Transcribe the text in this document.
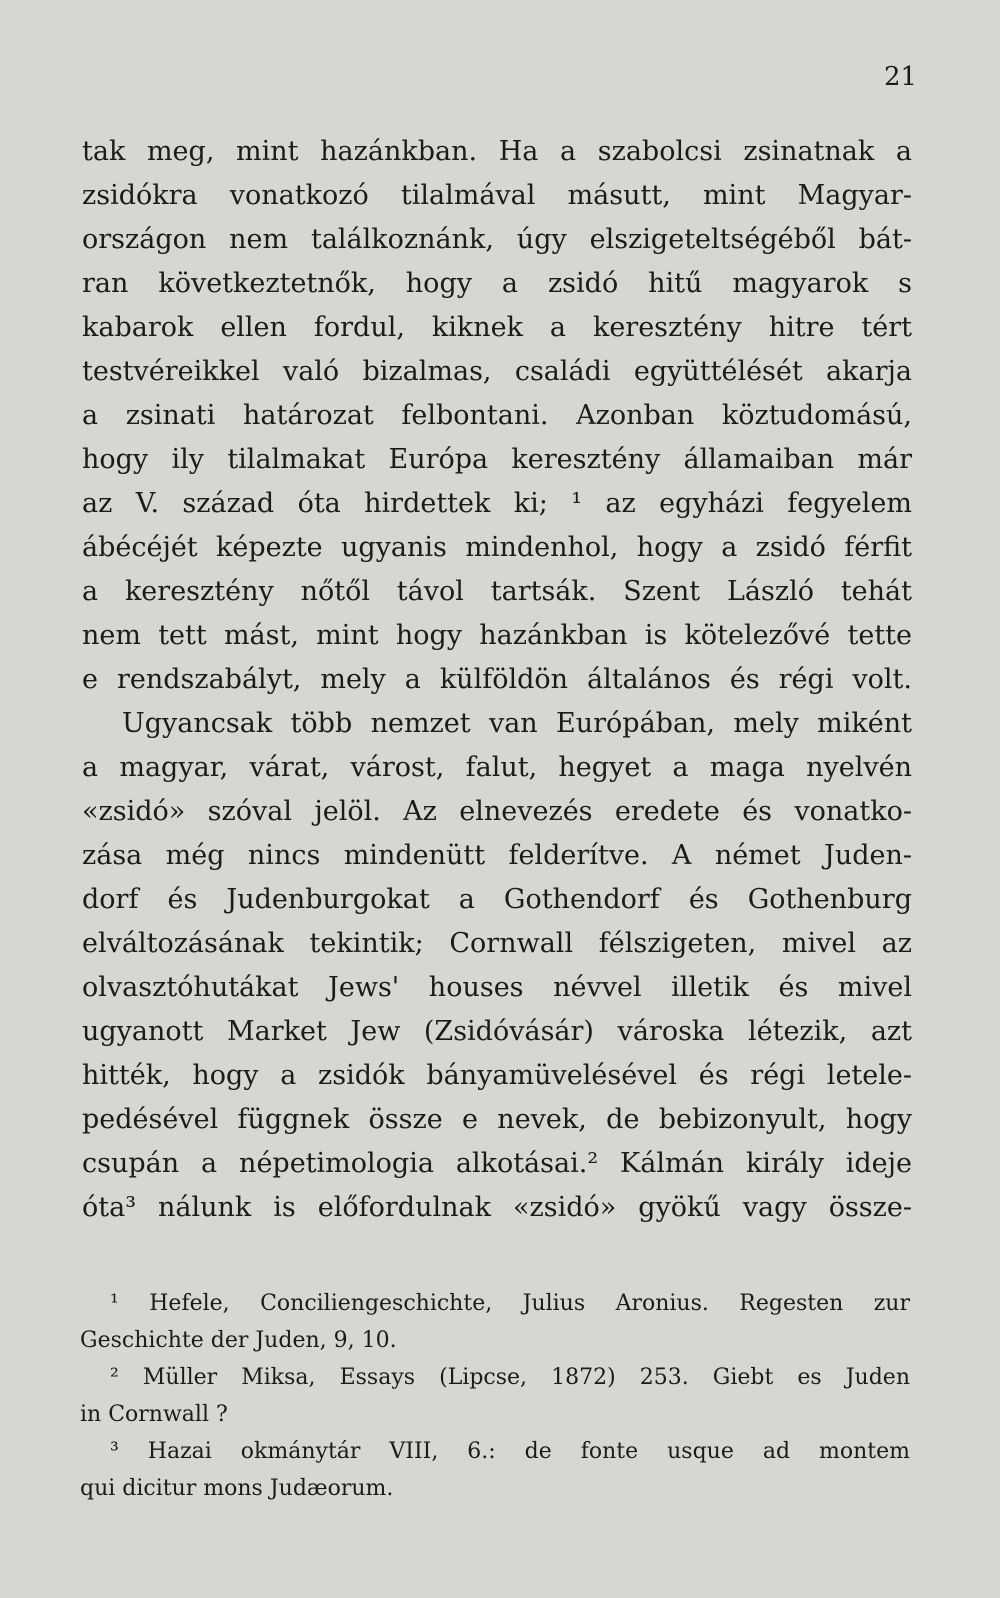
21
tak meg, mint hazánkban. Ha a szabolcsi zsinatnak a
zsidókra vonatkozó tilalmával másutt, mint Magyar-
országon nem találkoznánk, úgy elszigeteltségéből bát-
ran következtetnők, hogy a zsidó hitű magyarok s
kabarok ellen fordul, kiknek a keresztény hitre tért
testvéreikkel való bizalmas, családi együttélését akarja
a zsinati határozat felbontani. Azonban köztudomású,
hogy ily tilalmakat Európa keresztény államaiban már
az V. század óta hirdettek ki; ¹ az egyházi fegyelem
ábécéjét képezte ugyanis mindenhol, hogy a zsidó férfit
a keresztény nőtől távol tartsák. Szent László tehát
nem tett mást, mint hogy hazánkban is kötelezővé tette
e rendszabályt, mely a külföldön általános és régi volt.
Ugyancsak több nemzet van Európában, mely miként
a magyar, várat, várost, falut, hegyet a maga nyelvén
«zsidó» szóval jelöl. Az elnevezés eredete és vonatko-
zása még nincs mindenütt felderítve. A német Juden-
dorf és Judenburgokat a Gothendorf és Gothenburg
elváltozásának tekintik; Cornwall félszigeten, mivel az
olvasztóhutákat Jews' houses névvel illetik és mivel
ugyanott Market Jew (Zsidóvásár) városka létezik, azt
hitték, hogy a zsidók bányamüvelésével és régi letele-
pedésével függnek össze e nevek, de bebizonyult, hogy
csupán a népetimologia alkotásai.² Kálmán király ideje
óta³ nálunk is előfordulnak «zsidó» gyökű vagy össze-
¹ Hefele, Conciliengeschichte, Julius Aronius. Regesten zur
Geschichte der Juden, 9, 10.
² Müller Miksa, Essays (Lipcse, 1872) 253. Giebt es Juden
in Cornwall ?
³ Hazai okmánytár VIII, 6.: de fonte usque ad montem
qui dicitur mons Judæorum.
